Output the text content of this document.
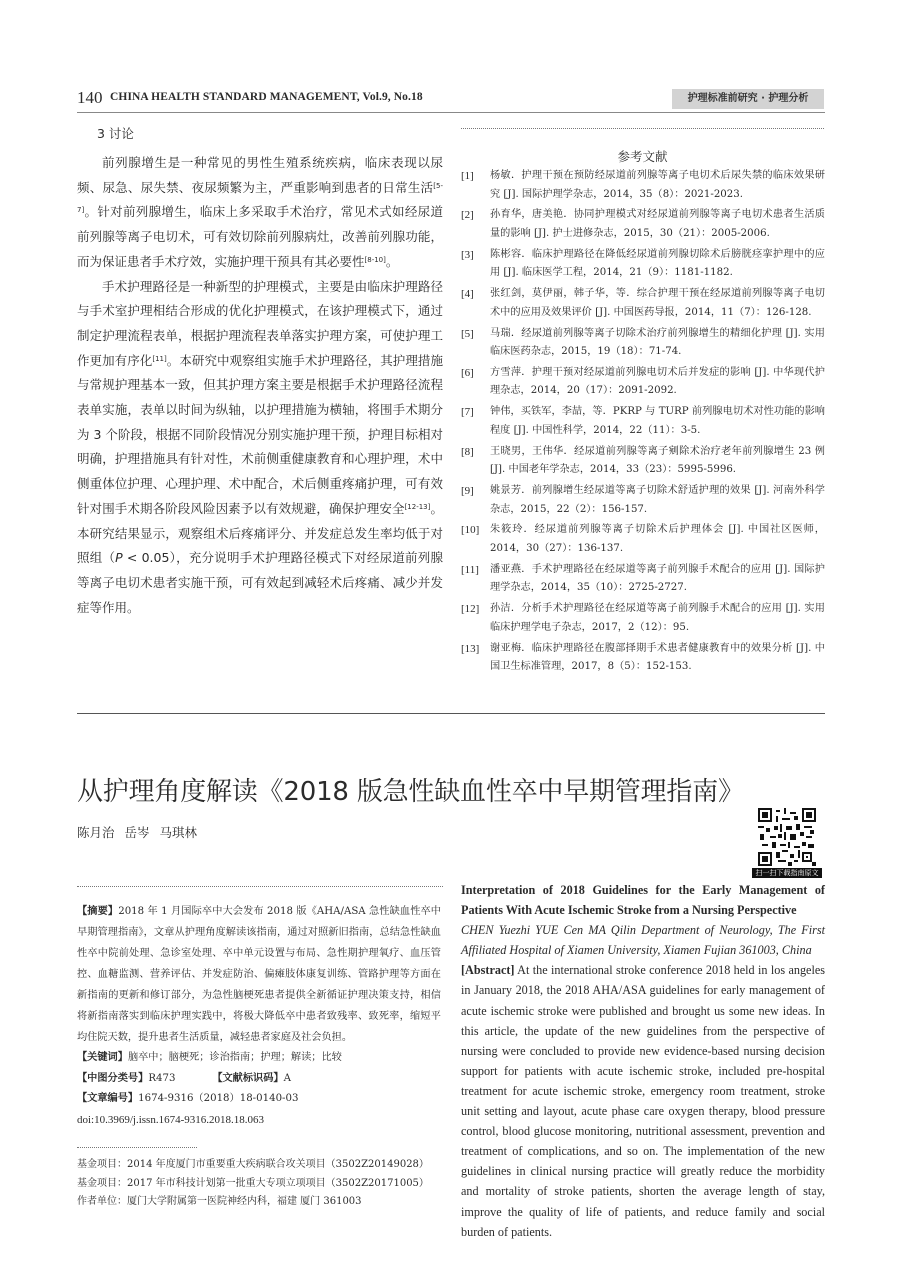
140 CHINA HEALTH STANDARD MANAGEMENT, Vol.9, No.18	护理标准前研究 · 护理分析
3 讨论

前列腺增生是一种常见的男性生殖系统疾病，临床表现以尿频、尿急、尿失禁、夜尿频繁为主，严重影响到患者的日常生活[5-7]。针对前列腺增生，临床上多采取手术治疗，常见术式如经尿道前列腺等离子电切术，可有效切除前列腺病灶，改善前列腺功能，而为保证患者手术疗效，实施护理干预具有其必要性[8-10]。

手术护理路径是一种新型的护理模式，主要是由临床护理路径与手术室护理相结合形成的优化护理模式，在该护理模式下，通过制定护理流程表单，根据护理流程表单落实护理方案，可使护理工作更加有序化[11]。本研究中观察组实施手术护理路径，其护理措施与常规护理基本一致，但其护理方案主要是根据手术护理路径流程表单实施，表单以时间为纵轴，以护理措施为横轴，将围手术期分为 3 个阶段，根据不同阶段情况分别实施护理干预，护理目标相对明确，护理措施具有针对性，术前侧重健康教育和心理护理，术中侧重体位护理、心理护理、术中配合，术后侧重疼痛护理，可有效针对围手术期各阶段风险因素予以有效规避，确保护理安全[12-13]。本研究结果显示，观察组术后疼痛评分、并发症总发生率均低于对照组（P < 0.05），充分说明手术护理路径模式下对经尿道前列腺等离子电切术患者实施干预，可有效起到减轻术后疼痛、减少并发症等作用。

参考文献
[1] 杨敏．护理干预在预防经尿道前列腺等离子电切术后尿失禁的临床效果研究 [J]. 国际护理学杂志，2014，35（8）：2021-2023.
[2] 孙育华，唐美艳．协同护理模式对经尿道前列腺等离子电切术患者生活质量的影响 [J]. 护士进修杂志，2015，30（21）：2005-2006.
[3] 陈彬容．临床护理路径在降低经尿道前列腺切除术后膀胱痉挛护理中的应用 [J]. 临床医学工程，2014，21（9）：1181-1182.
[4] 张红剑，莫伊丽，韩子华，等．综合护理干预在经尿道前列腺等离子电切术中的应用及效果评价 [J]. 中国医药导报，2014，11（7）：126-128.
[5] 马瑞．经尿道前列腺等离子切除术治疗前列腺增生的精细化护理 [J]. 实用临床医药杂志，2015，19（18）：71-74.
[6] 方雪萍．护理干预对经尿道前列腺电切术后并发症的影响 [J]. 中华现代护理杂志，2014，20（17）：2091-2092.
[7] 钟伟，买铁军，李喆，等．PKRP 与 TURP 前列腺电切术对性功能的影响程度 [J]. 中国性科学，2014，22（11）：3-5.
[8] 王晓男，王伟华．经尿道前列腺等离子剜除术治疗老年前列腺增生 23 例 [J]. 中国老年学杂志，2014，33（23）：5995-5996.
[9] 姚景芳．前列腺增生经尿道等离子切除术舒适护理的效果 [J]. 河南外科学杂志，2015，22（2）：156-157.
[10] 朱筱玲．经尿道前列腺等离子切除术后护理体会 [J]. 中国社区医师，2014，30（27）：136-137.
[11] 潘亚燕．手术护理路径在经尿道等离子前列腺手术配合的应用 [J]. 国际护理学杂志，2014，35（10）：2725-2727.
[12] 孙洁．分析手术护理路径在经尿道等离子前列腺手术配合的应用 [J]. 实用临床护理学电子杂志，2017，2（12）：95.
[13] 谢亚梅．临床护理路径在腹部择期手术患者健康教育中的效果分析 [J]. 中国卫生标准管理，2017，8（5）：152-153.
从护理角度解读《2018 版急性缺血性卒中早期管理指南》
陈月治 岳岑 马琪林
扫一扫下载指南原文
【摘要】2018 年 1 月国际卒中大会发布 2018 版《AHA/ASA 急性缺血性卒中早期管理指南》，文章从护理角度解读该指南，通过对照新旧指南，总结急性缺血性卒中院前处理、急诊室处理、卒中单元设置与布局、急性期护理氧疗、血压管控、血糖监测、营养评估、并发症防治、偏瘫肢体康复训练、管路护理等方面在新指南的更新和修订部分，为急性脑梗死患者提供全新循证护理决策支持，相信将新指南落实到临床护理实践中，将极大降低卒中患者致残率、致死率，缩短平均住院天数，提升患者生活质量，减轻患者家庭及社会负担。
【关键词】脑卒中；脑梗死；诊治指南；护理；解读；比较
【中图分类号】R473	【文献标识码】A
【文章编号】1674-9316（2018）18-0140-03
doi:10.3969/j.issn.1674-9316.2018.18.063
基金项目：2014 年度厦门市重要重大疾病联合攻关项目（3502Z20149028）
基金项目：2017 年市科技计划第一批重大专项立项项目（3502Z20171005）
作者单位：厦门大学附属第一医院神经内科，福建 厦门 361003

Interpretation of 2018 Guidelines for the Early Management of Patients With Acute Ischemic Stroke from a Nursing Perspective

CHEN Yuezhi YUE Cen MA Qilin Department of Neurology, The First Affiliated Hospital of Xiamen University, Xiamen Fujian 361003, China

[Abstract] At the international stroke conference 2018 held in los angeles in January 2018, the 2018 AHA/ASA guidelines for early management of acute ischemic stroke were published and brought us some new ideas. In this article, the update of the new guidelines from the perspective of nursing were concluded to provide new evidence-based nursing decision support for patients with acute ischemic stroke, included pre-hospital treatment for acute ischemic stroke, emergency room treatment, stroke unit setting and layout, acute phase care oxygen therapy, blood pressure control, blood glucose monitoring, nutritional assessment, prevention and treatment of complications, and so on. The implementation of the new guidelines in clinical nursing practice will greatly reduce the morbidity and mortality of stroke patients, shorten the average length of stay, improve the quality of life of patients, and reduce family and social burden of patients.
